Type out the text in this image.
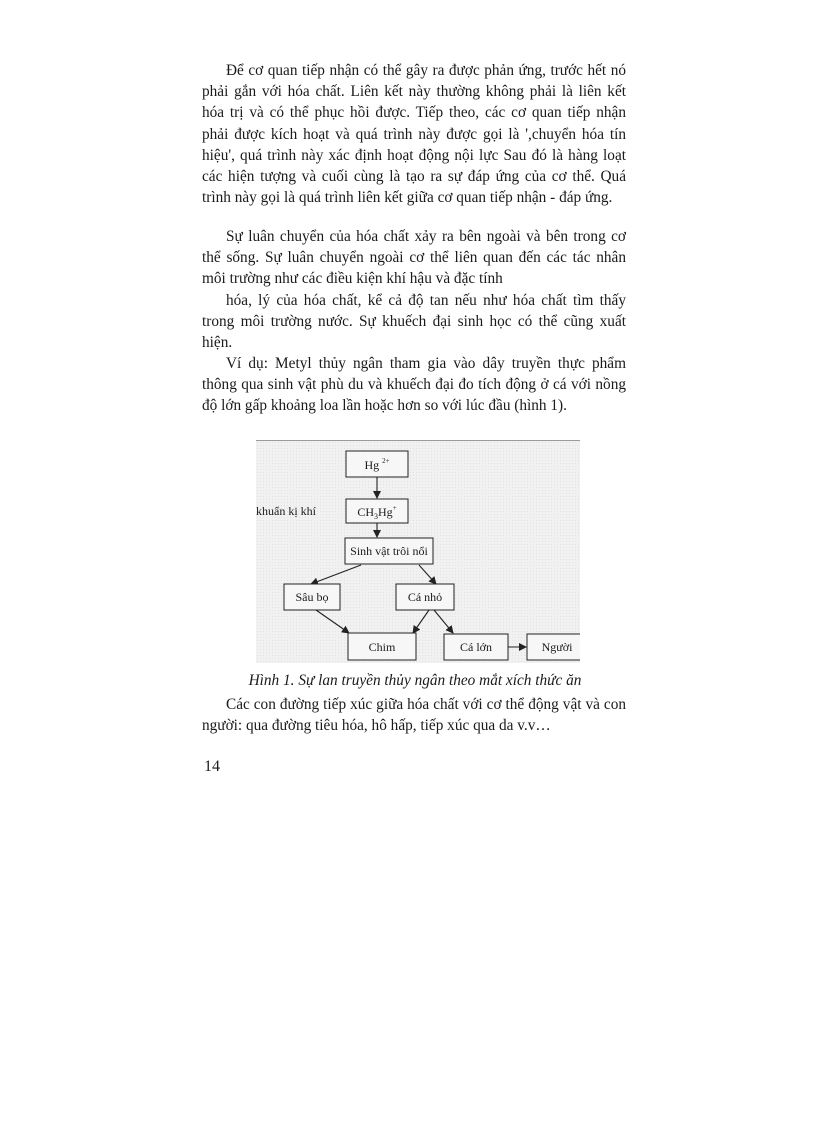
Để cơ quan tiếp nhận có thể gây ra được phản ứng, trước hết nó phải gắn với hóa chất. Liên kết này thường không phải là liên kết hóa trị và có thể phục hồi được. Tiếp theo, các cơ quan tiếp nhận phải được kích hoạt và quá trình này được gọi là ',chuyển hóa tín hiệu', quá trình này xác định hoạt động nội lực Sau đó là hàng loạt các hiện tượng và cuối cùng là tạo ra sự đáp ứng của cơ thể. Quá trình này gọi là quá trình liên kết giữa cơ quan tiếp nhận - đáp ứng.

Sự luân chuyển của hóa chất xảy ra bên ngoài và bên trong cơ thể sống. Sự luân chuyển ngoài cơ thể liên quan đến các tác nhân môi trường như các điều kiện khí hậu và đặc tính

hóa, lý của hóa chất, kể cả độ tan nếu như hóa chất tìm thấy trong môi trường nước. Sự khuếch đại sinh học có thể cũng xuất hiện.

Ví dụ: Metyl thủy ngân tham gia vào dây truyền thực phẩm thông qua sinh vật phù du và khuếch đại đo tích động ở cá với nồng độ lớn gấp khoảng loa lần hoặc hơn so với lúc đầu (hình 1).

khuẩn kị khí
Hg $^{2+}$
$CH_3Hg^+$
Sinh vật trôi nổi
Sâu bọ	Cá nhỏ
Chim	Cá lớn	Người
Hình 1. Sự lan truyền thủy ngân theo mắt xích thức ăn

Các con đường tiếp xúc giữa hóa chất với cơ thể động vật và con người: qua đường tiêu hóa, hô hấp, tiếp xúc qua da v.v…

14
